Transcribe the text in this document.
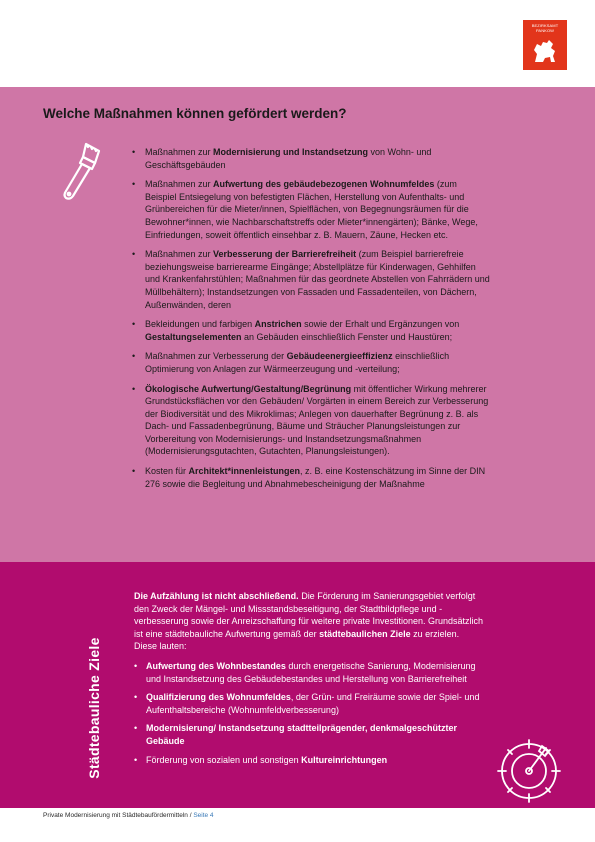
BEZIRKSAMT
PANKOW
Welche Maßnahmen können gefördert werden?
• Maßnahmen zur Modernisierung und Instandsetzung von Wohn- und Geschäftsgebäuden
• Maßnahmen zur Aufwertung des gebäudebezogenen Wohnumfeldes (zum Beispiel Entsiegelung von befestigten Flächen, Herstellung von Aufenthalts- und Grünbereichen für die Mieter/innen, Spielflächen, von Begegnungsräumen für die Bewohner*innen, wie Nachbarschaftstreffs oder Mieter*innengärten); Bänke, Wege, Einfriedungen, soweit öffentlich einsehbar z. B. Mauern, Zäune, Hecken etc.
• Maßnahmen zur Verbesserung der Barrierefreiheit (zum Beispiel barrierefreie beziehungsweise barrierearme Eingänge; Abstellplätze für Kinderwagen, Gehhilfen und Krankenfahrstühlen; Maßnahmen für das geordnete Abstellen von Fahrrädern und Müllbehältern); Instandsetzungen von Fassaden und Fassadenteilen, von Dächern, Außenwänden, deren
• Bekleidungen und farbigen Anstrichen sowie der Erhalt und Ergänzungen von Gestaltungselementen an Gebäuden einschließlich Fenster und Haustüren;
• Maßnahmen zur Verbesserung der Gebäudeenergieeffizienz einschließlich Optimierung von Anlagen zur Wärmeerzeugung und -verteilung;
• Ökologische Aufwertung/Gestaltung/Begrünung mit öffentlicher Wirkung mehrerer Grundstücksflächen vor den Gebäuden/ Vorgärten in einem Bereich zur Verbesserung der Biodiversität und des Mikroklimas; Anlegen von dauerhafter Begrünung z. B. als Dach- und Fassadenbegrünung, Bäume und Sträucher Planungsleistungen zur Vorbereitung von Modernisierungs- und Instandsetzungsmaßnahmen (Modernisierungsgutachten, Gutachten, Planungsleistungen).
• Kosten für Architekt*innenleistungen, z. B. eine Kostenschätzung im Sinne der DIN 276 sowie die Begleitung und Abnahmebescheinigung der Maßnahme
Städtebauliche Ziele

Die Aufzählung ist nicht abschließend. Die Förderung im Sanierungsgebiet verfolgt den Zweck der Mängel- und Missstandsbeseitigung, der Stadtbildpflege und -verbesserung sowie der Anreizschaffung für weitere private Investitionen. Grundsätzlich ist eine städtebauliche Aufwertung gemäß der städtebaulichen Ziele zu erzielen. Diese lauten:

• Aufwertung des Wohnbestandes durch energetische Sanierung, Modernisierung und Instandsetzung des Gebäudebestandes und Herstellung von Barrierefreiheit
• Qualifizierung des Wohnumfeldes, der Grün- und Freiräume sowie der Spiel- und Aufenthaltsbereiche (Wohnumfeldverbesserung)
• Modernisierung/ Instandsetzung stadtteilprägender, denkmalgeschützter Gebäude
• Förderung von sozialen und sonstigen Kultureinrichtungen
Private Modernisierung mit Städtebaufördermitteln / Seite 4
